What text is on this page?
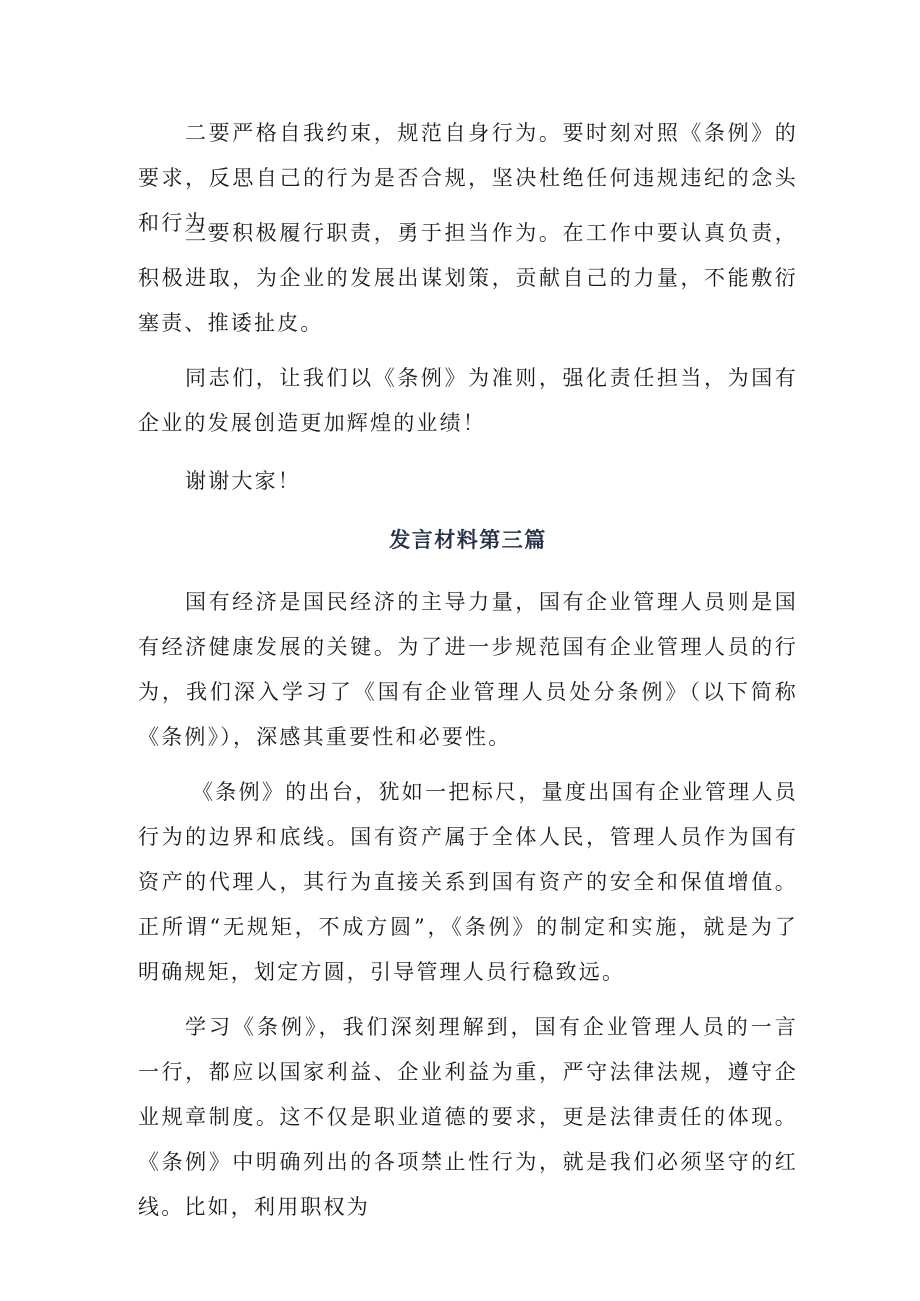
二要严格自我约束，规范自身行为。要时刻对照《条例》的要求，反思自己的行为是否合规，坚决杜绝任何违规违纪的念头和行为。

三要积极履行职责，勇于担当作为。在工作中要认真负责，积极进取，为企业的发展出谋划策，贡献自己的力量，不能敷衍塞责、推诿扯皮。

同志们，让我们以《条例》为准则，强化责任担当，为国有企业的发展创造更加辉煌的业绩！

谢谢大家！

发言材料第三篇

国有经济是国民经济的主导力量，国有企业管理人员则是国有经济健康发展的关键。为了进一步规范国有企业管理人员的行为，我们深入学习了《国有企业管理人员处分条例》（以下简称《条例》），深感其重要性和必要性。

《条例》的出台，犹如一把标尺，量度出国有企业管理人员行为的边界和底线。国有资产属于全体人民，管理人员作为国有资产的代理人，其行为直接关系到国有资产的安全和保值增值。正所谓“无规矩，不成方圆”，《条例》的制定和实施，就是为了明确规矩，划定方圆，引导管理人员行稳致远。

学习《条例》，我们深刻理解到，国有企业管理人员的一言一行，都应以国家利益、企业利益为重，严守法律法规，遵守企业规章制度。这不仅是职业道德的要求，更是法律责任的体现。《条例》中明确列出的各项禁止性行为，就是我们必须坚守的红线。比如，利用职权为
